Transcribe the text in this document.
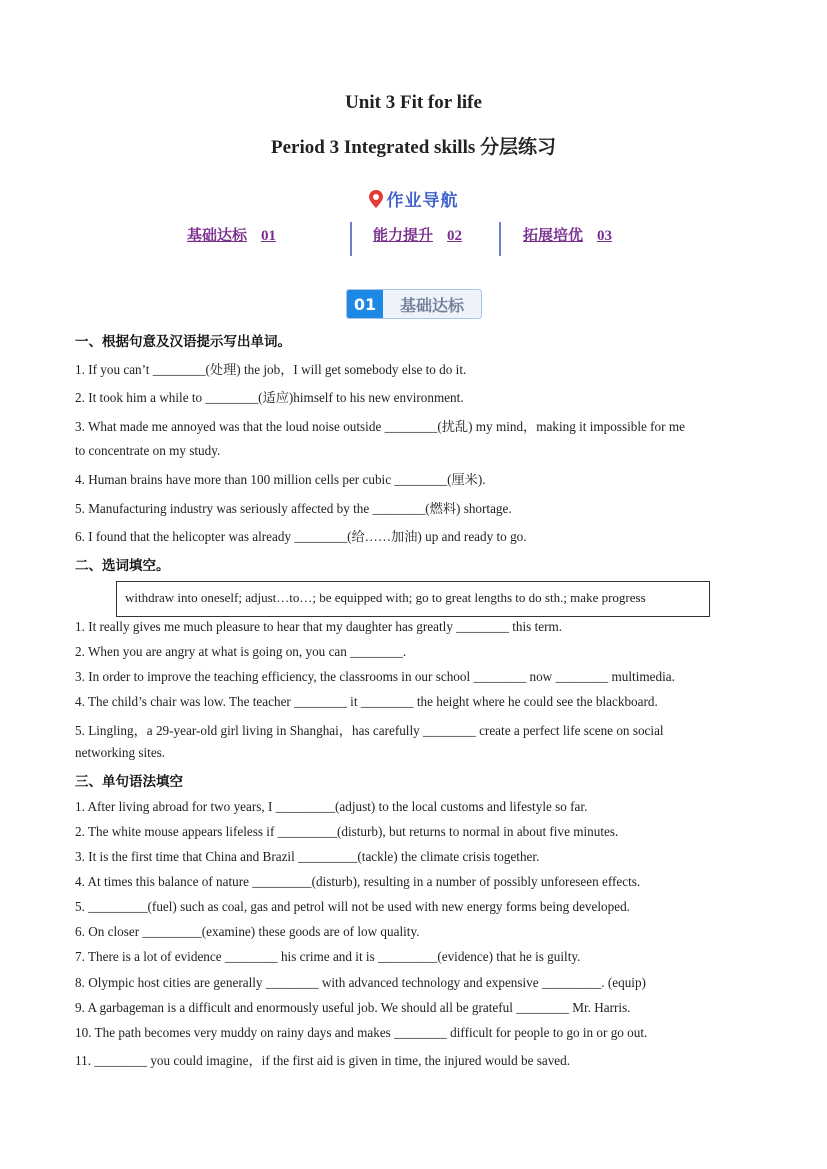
Unit 3 Fit for life
Period 3 Integrated skills 分层练习
作业导航
基础达标 01	能力提升 02	拓展培优 03
01	基础达标
一、根据句意及汉语提示写出单词。
1. If you can’t ________(处理) the job，I will get somebody else to do it.
2. It took him a while to ________(适应)himself to his new environment.
3. What made me annoyed was that the loud noise outside ________(扰乱) my mind，making it impossible for me
to concentrate on my study.
4. Human brains have more than 100 million cells per cubic ________(厘米).
5. Manufacturing industry was seriously affected by the ________(燃料) shortage.
6. I found that the helicopter was already ________(给……加油) up and ready to go.
二、选词填空。
withdraw into oneself; adjust…to…; be equipped with; go to great lengths to do sth.; make progress
1. It really gives me much pleasure to hear that my daughter has greatly ________ this term.
2. When you are angry at what is going on, you can ________.
3. In order to improve the teaching efficiency, the classrooms in our school ________ now ________ multimedia.
4. The child’s chair was low. The teacher ________ it ________ the height where he could see the blackboard.
5. Lingling，a 29-year-old girl living in Shanghai，has carefully ________ create a perfect life scene on social
networking sites.
三、单句语法填空
1. After living abroad for two years, I _________(adjust) to the local customs and lifestyle so far.
2. The white mouse appears lifeless if _________(disturb), but returns to normal in about five minutes.
3. It is the first time that China and Brazil _________(tackle) the climate crisis together.
4. At times this balance of nature _________(disturb), resulting in a number of possibly unforeseen effects.
5. _________(fuel) such as coal, gas and petrol will not be used with new energy forms being developed.
6. On closer _________(examine) these goods are of low quality.
7. There is a lot of evidence ________ his crime and it is _________(evidence) that he is guilty.
8. Olympic host cities are generally ________ with advanced technology and expensive _________. (equip)
9. A garbageman is a difficult and enormously useful job. We should all be grateful ________ Mr. Harris.
10. The path becomes very muddy on rainy days and makes ________ difficult for people to go in or go out.
11. ________ you could imagine，if the first aid is given in time, the injured would be saved.
